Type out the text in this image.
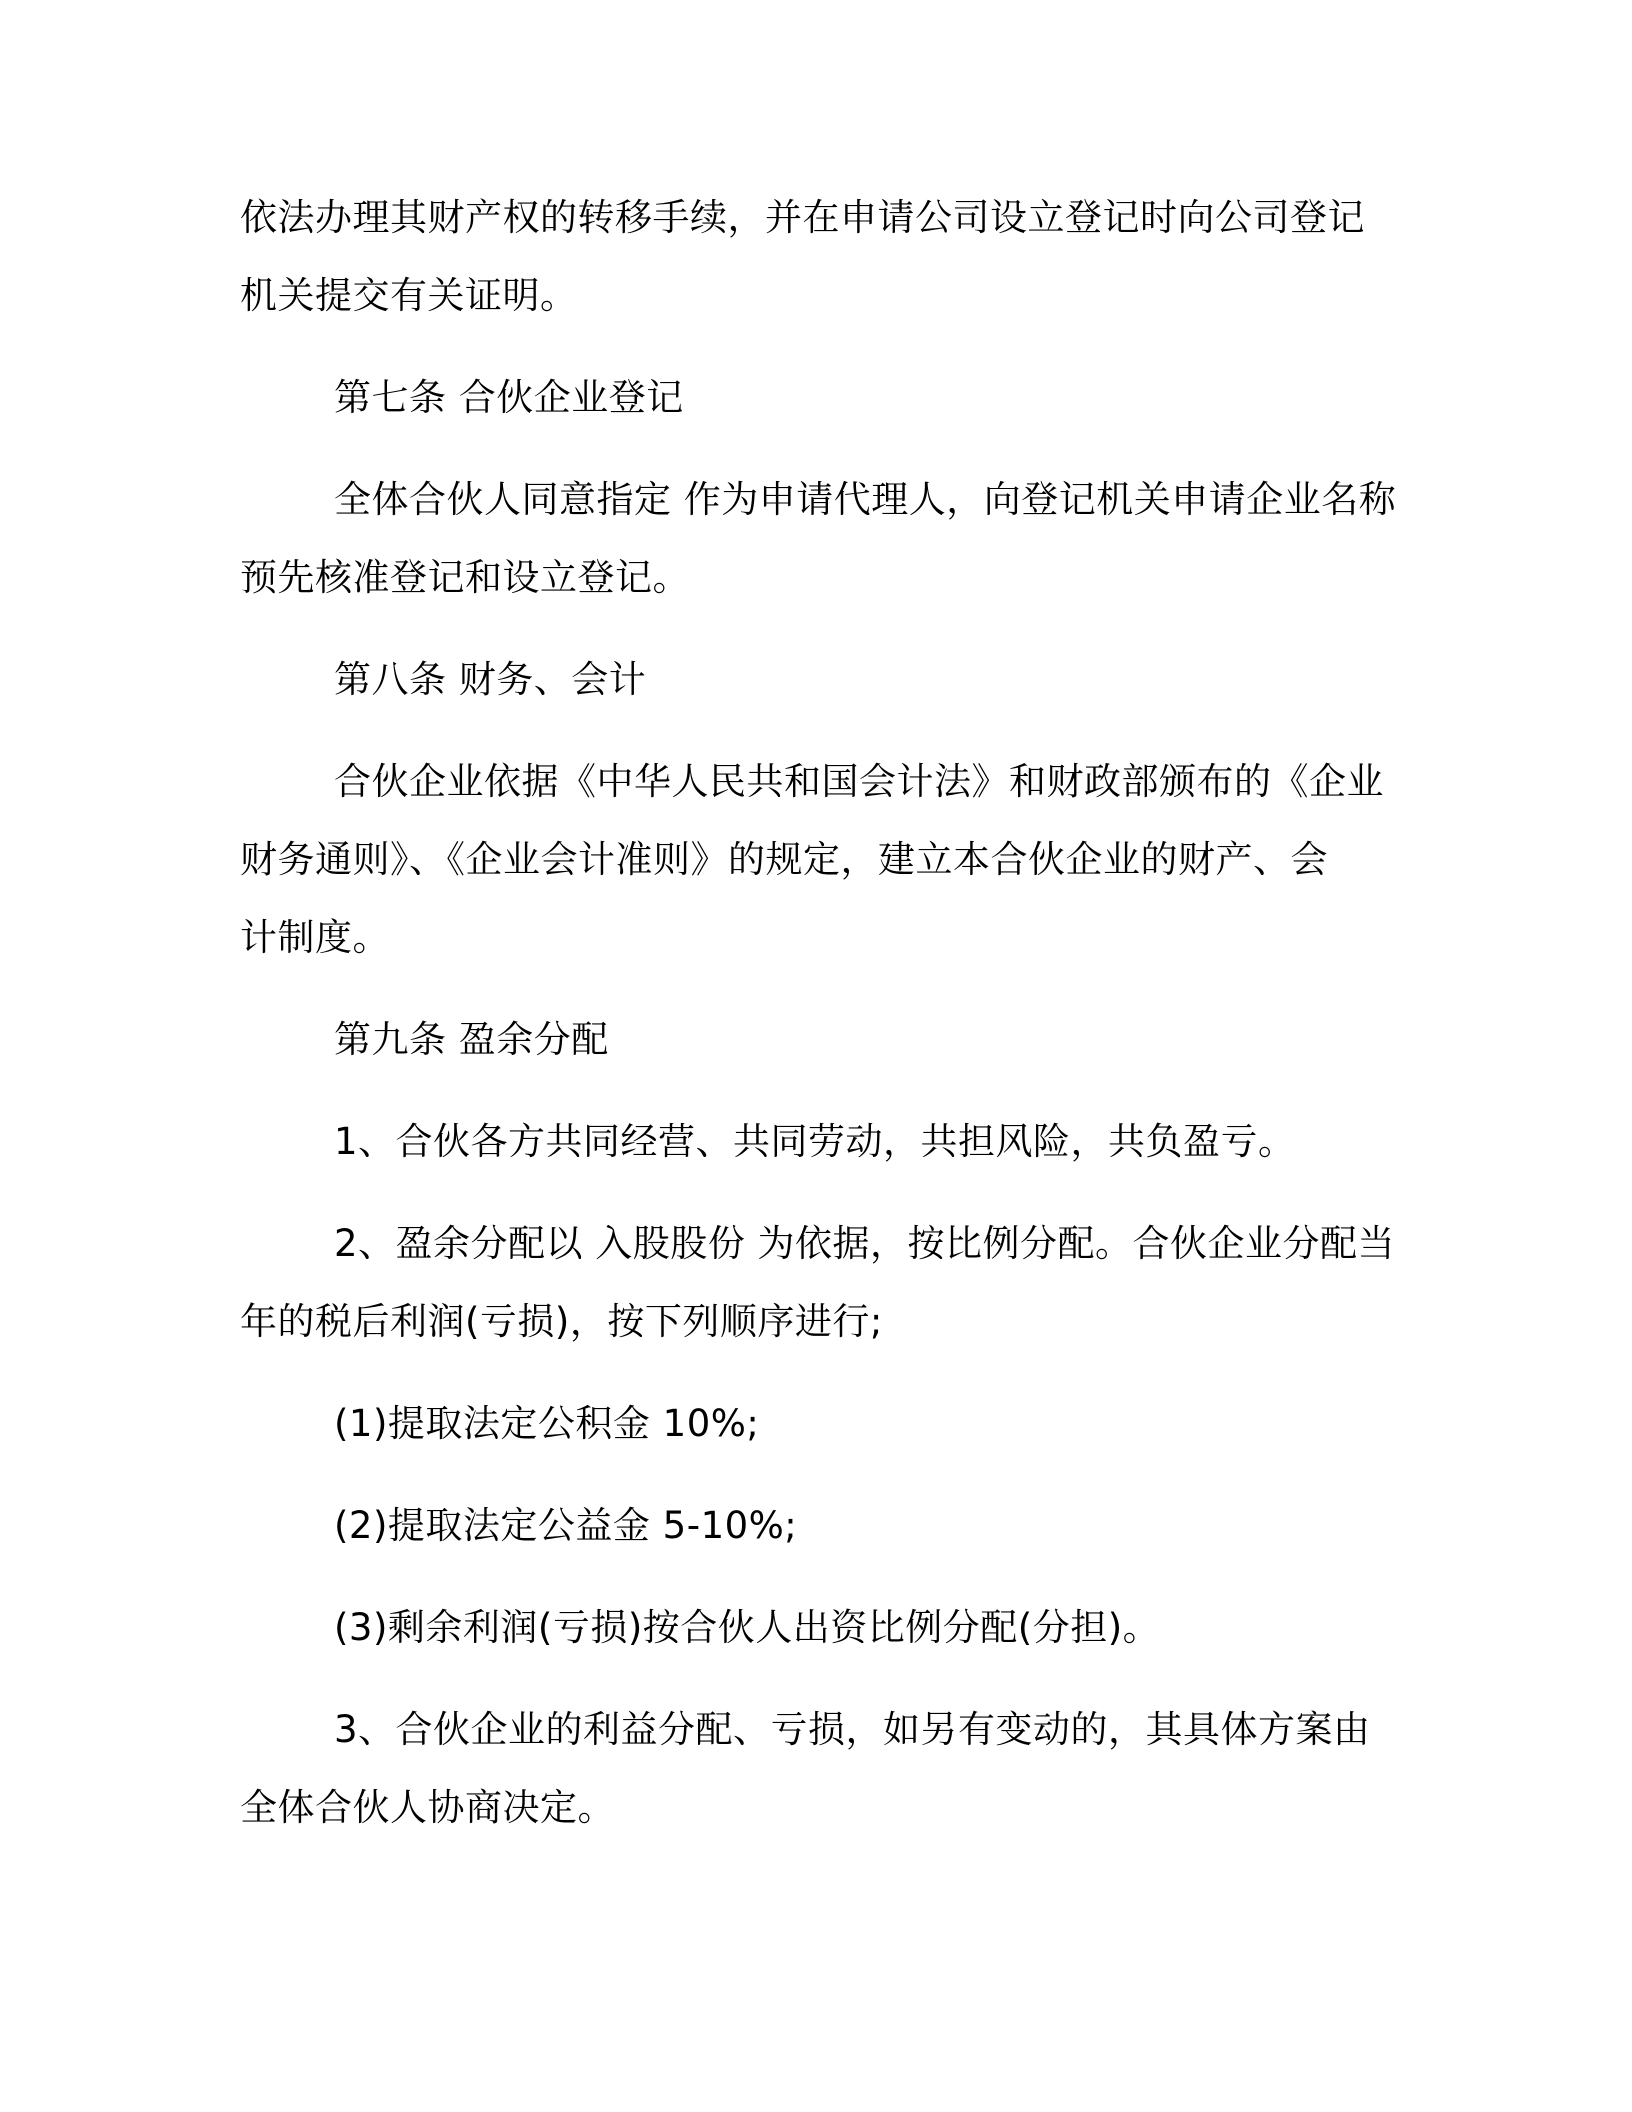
依法办理其财产权的转移手续，并在申请公司设立登记时向公司登记
机关提交有关证明。
第七条 合伙企业登记
全体合伙人同意指定 作为申请代理人，向登记机关申请企业名称
预先核准登记和设立登记。
第八条 财务、会计
合伙企业依据《中华人民共和国会计法》和财政部颁布的《企业
财务通则》、《企业会计准则》的规定，建立本合伙企业的财产、会
计制度。
第九条 盈余分配
1、合伙各方共同经营、共同劳动，共担风险，共负盈亏。
2、盈余分配以 入股股份 为依据，按比例分配。合伙企业分配当
年的税后利润(亏损)，按下列顺序进行;
(1)提取法定公积金 10%;
(2)提取法定公益金 5-10%;
(3)剩余利润(亏损)按合伙人出资比例分配(分担)。
3、合伙企业的利益分配、亏损，如另有变动的，其具体方案由
全体合伙人协商决定。
